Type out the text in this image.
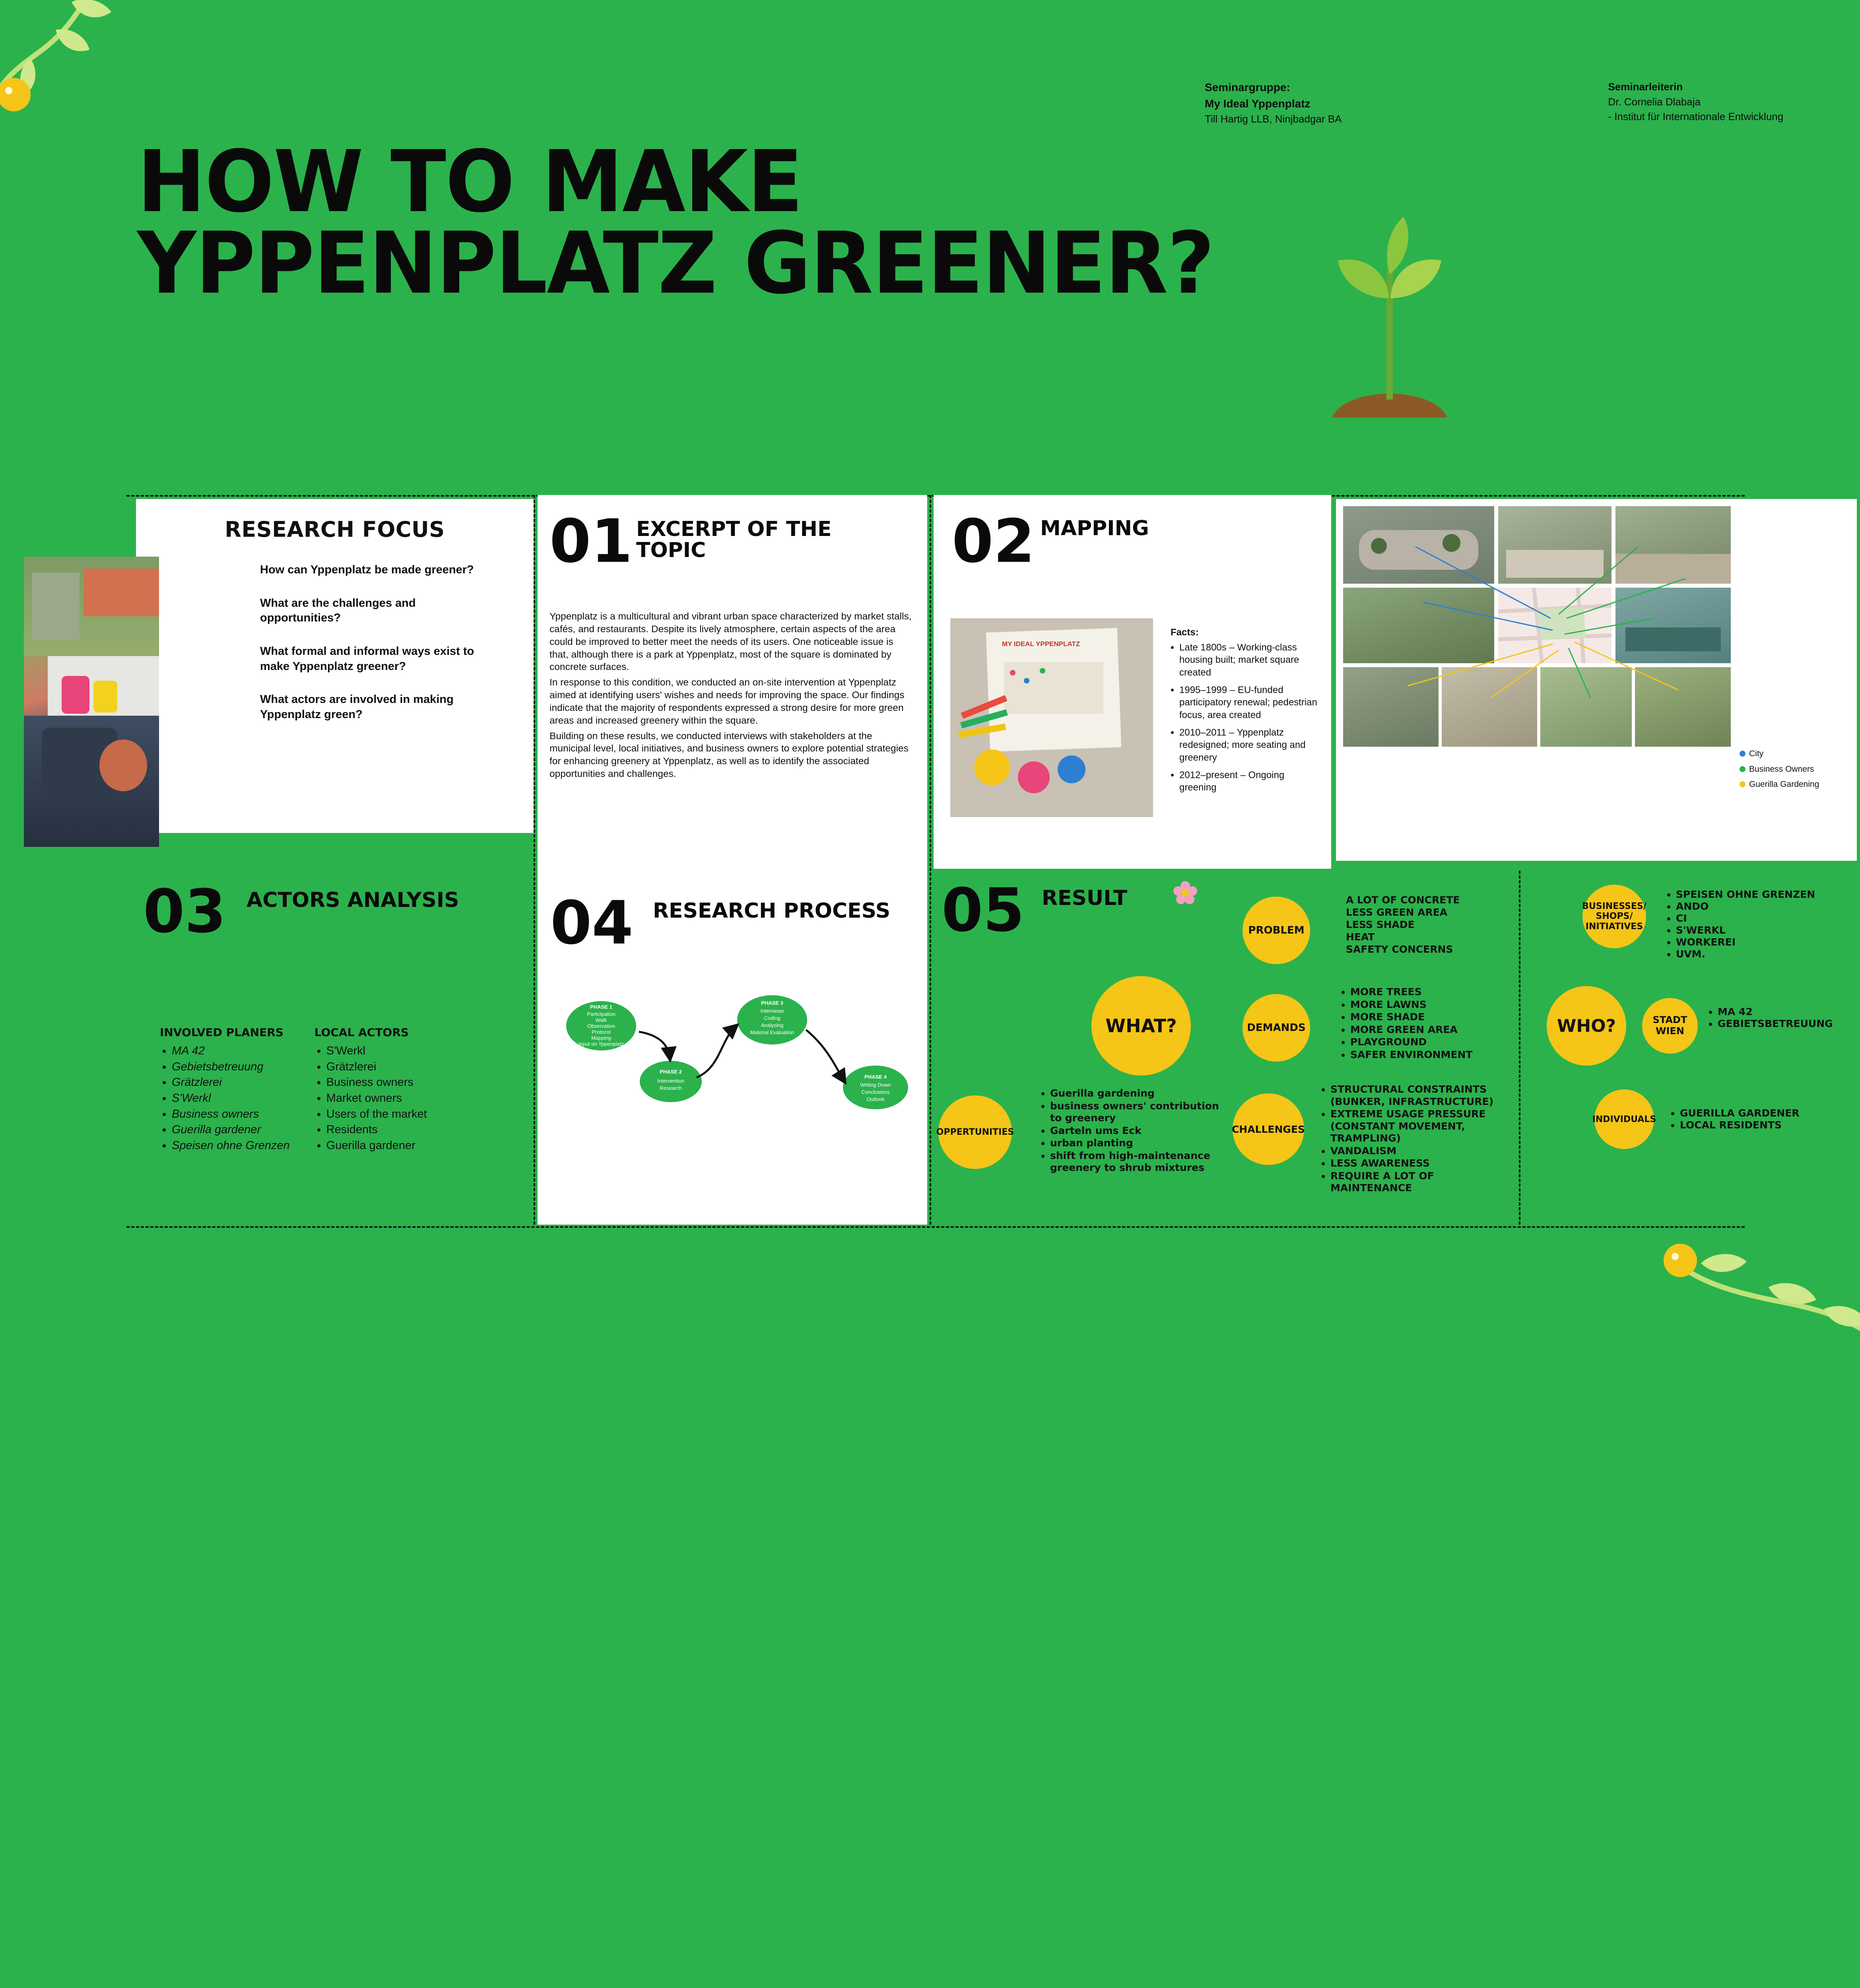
Seminargruppe:
My Ideal Yppenplatz
Till Hartig LLB, Ninjbadgar BA
Seminarleiterin
Dr. Cornelia Dlabaja
- Institut für Internationale Entwicklung
HOW TO MAKE
YPPENPLATZ GREENER?
RESEARCH FOCUS

How can Yppenplatz be made greener?

What are the challenges and opportunities?

What formal and informal ways exist to make Yppenplatz greener?

What actors are involved in making Yppenplatz green?

01 EXCERPT OF THE TOPIC

Yppenplatz is a multicultural and vibrant urban space characterized by market stalls, cafés, and restaurants. Despite its lively atmosphere, certain aspects of the area could be improved to better meet the needs of its users. One noticeable issue is that, although there is a park at Yppenplatz, most of the square is dominated by concrete surfaces.

In response to this condition, we conducted an on-site intervention at Yppenplatz aimed at identifying users' wishes and needs for improving the space. Our findings indicate that the majority of respondents expressed a strong desire for more green areas and increased greenery within the square.

Building on these results, we conducted interviews with stakeholders at the municipal level, local initiatives, and business owners to explore potential strategies for enhancing greenery at Yppenplatz, as well as to identify the associated opportunities and challenges.

02 MAPPING
MY IDEAL YPPENPLATZ
Facts:
• Late 1800s – Working-class housing built; market square created
• 1995–1999 – EU-funded participatory renewal; pedestrian focus, area created
• 2010–2011 – Yppenplatz redesigned; more seating and greenery
• 2012–present – Ongoing greening
City
Business Owners
Guerilla Gardening
03 ACTORS ANALYSIS
INVOLVED PLANERS
• MA 42
• Gebietsbetreuung
• Grätzlerei
• S'Werkl
• Business owners
• Guerilla gardener
• Speisen ohne Grenzen
LOCAL ACTORS
• S'Werkl
• Grätzlerei
• Business owners
• Market owners
• Users of the market
• Residents
• Guerilla gardener
04 RESEARCH PROCESS
PHASE 1
Participation
Walk
Observation
Protocol
Mapping
Input on Yppenplatz
PHASE 2
Intervention
Research
PHASE 3
Interviews
Coding
Analysing
Material Evaluation
PHASE 4
Writing Down
Conclusions
Outlook
05 RESULT
WHAT?
PROBLEM
DEMANDS
OPPERTUNITIES	CHALLENGES
A LOT OF CONCRETE
LESS GREEN AREA
LESS SHADE
HEAT
SAFETY CONCERNS
• MORE TREES
• MORE LAWNS
• MORE SHADE
• MORE GREEN AREA
• PLAYGROUND
• SAFER ENVIRONMENT
• Guerilla gardening
• business owners' contribution to greenery
• Garteln ums Eck
• urban planting
• shift from high-maintenance greenery to shrub mixtures
• STRUCTURAL CONSTRAINTS (BUNKER, INFRASTRUCTURE)
• EXTREME USAGE PRESSURE (CONSTANT MOVEMENT, TRAMPLING)
• VANDALISM
• LESS AWARENESS
• REQUIRE A LOT OF MAINTENANCE
WHO?
BUSINESSES/ SHOPS/ INITIATIVES
STADT WIEN
INDIVIDUALS
• SPEISEN OHNE GRENZEN
• ANDO
• CI
• S'WERKL
• WORKEREI
• UVM.
• MA 42
• GEBIETSBETREUUNG
• GUERILLA GARDENER
• LOCAL RESIDENTS
